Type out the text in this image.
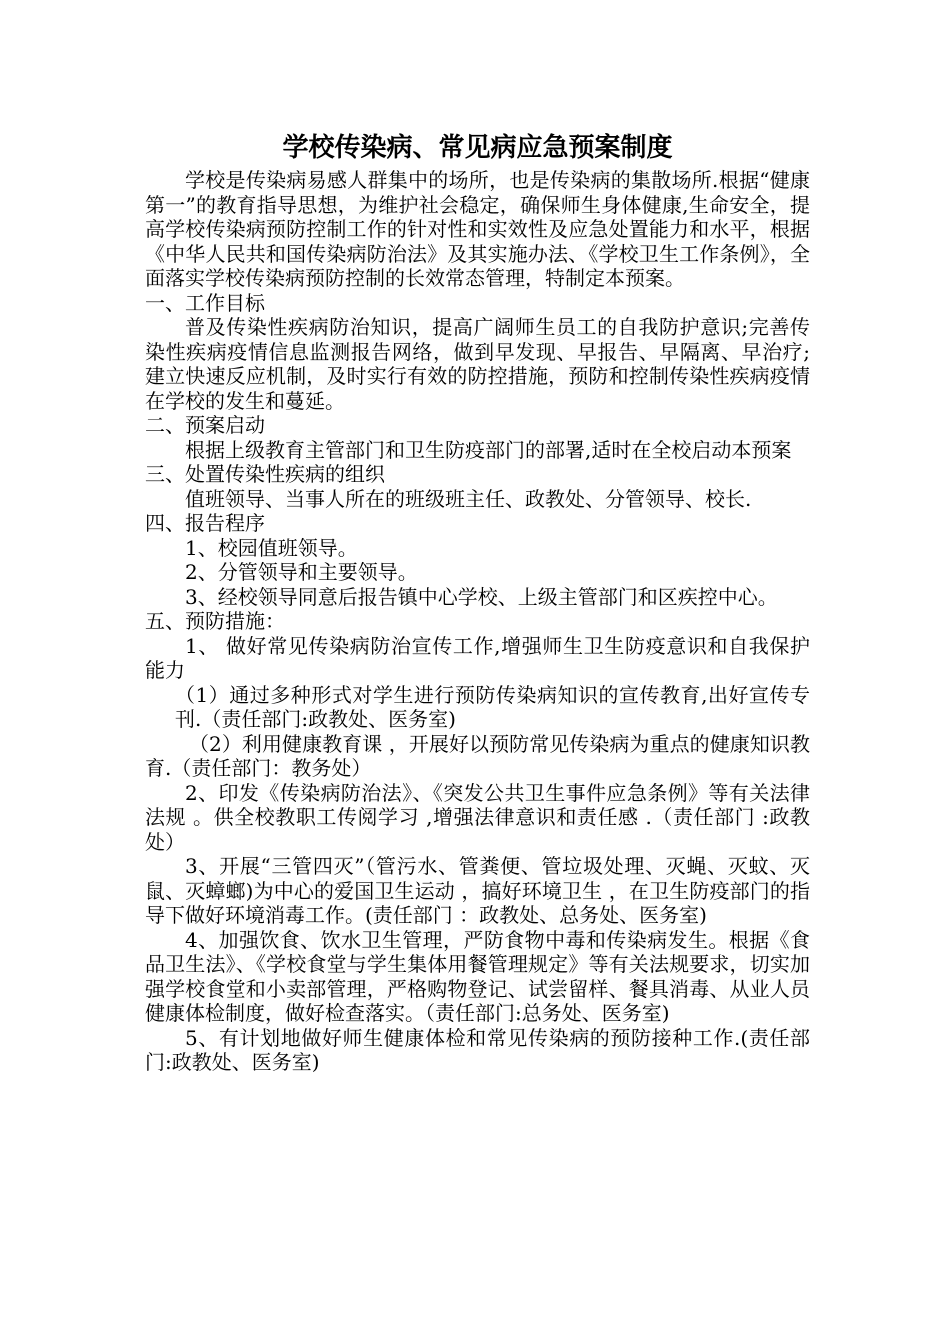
学校传染病、常见病应急预案制度

学校是传染病易感人群集中的场所，也是传染病的集散场所.根据“健康第一”的教育指导思想，为维护社会稳定，确保师生身体健康,生命安全，提高学校传染病预防控制工作的针对性和实效性及应急处置能力和水平，根据《中华人民共和国传染病防治法》及其实施办法、《学校卫生工作条例》，全面落实学校传染病预防控制的长效常态管理，特制定本预案。

一、工作目标

普及传染性疾病防治知识，提高广阔师生员工的自我防护意识;完善传染性疾病疫情信息监测报告网络，做到早发现、早报告、早隔离、早治疗;建立快速反应机制，及时实行有效的防控措施，预防和控制传染性疾病疫情在学校的发生和蔓延。

二、预案启动

根据上级教育主管部门和卫生防疫部门的部署,适时在全校启动本预案

三、处置传染性疾病的组织

值班领导、当事人所在的班级班主任、政教处、分管领导、校长.

四、报告程序

1、校园值班领导。

2、分管领导和主要领导。

3、经校领导同意后报告镇中心学校、上级主管部门和区疾控中心。

五、预防措施：

1、 做好常见传染病防治宣传工作,增强师生卫生防疫意识和自我保护能力

（1）通过多种形式对学生进行预防传染病知识的宣传教育,出好宣传专刊.（责任部门:政教处、医务室)

（2）利用健康教育课 ，开展好以预防常见传染病为重点的健康知识教育.（责任部门：教务处）

2、印发《传染病防治法》、《突发公共卫生事件应急条例》等有关法律法规 。供全校教职工传阅学习 ,增强法律意识和责任感 .（责任部门 :政教处）

3、开展“三管四灭”（管污水、管粪便、管垃圾处理、灭蝇、灭蚊、灭鼠、灭蟑螂)为中心的爱国卫生运动 ，搞好环境卫生 ，在卫生防疫部门的指导下做好环境消毒工作。(责任部门 ：政教处、总务处、医务室)

4、加强饮食、饮水卫生管理，严防食物中毒和传染病发生。根据《食品卫生法》、《学校食堂与学生集体用餐管理规定》等有关法规要求，切实加强学校食堂和小卖部管理，严格购物登记、试尝留样、餐具消毒、从业人员健康体检制度，做好检查落实。（责任部门:总务处、医务室)

5、有计划地做好师生健康体检和常见传染病的预防接种工作.(责任部门:政教处、医务室)
